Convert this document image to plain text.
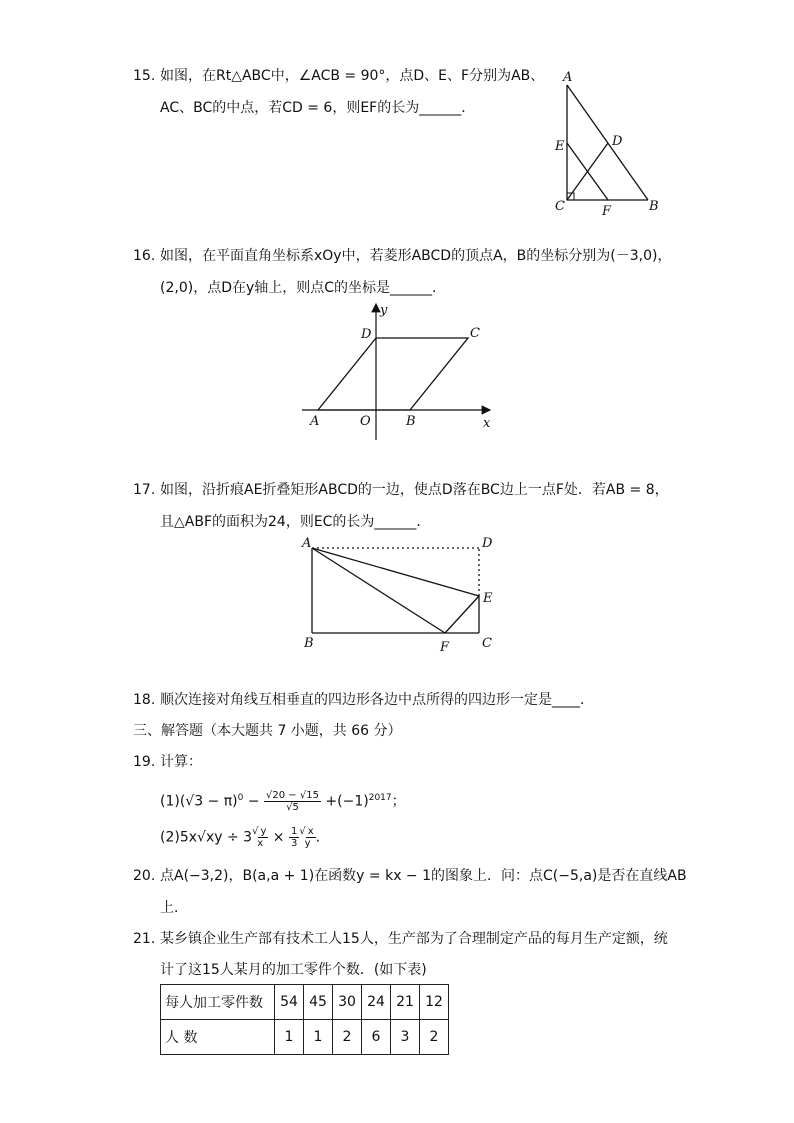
15. 如图，在Rt△ABC中，∠ACB = 90°，点D、E、F分别为AB、
AC、BC的中点，若CD = 6，则EF的长为______．
A
D
E
C	F	B
16. 如图，在平面直角坐标系xOy中，若菱形ABCD的顶点A，B的坐标分别为(－3,0)，
(2,0)，点D在y轴上，则点C的坐标是______．
y
D	C
A	O	B	x
17. 如图，沿折痕AE折叠矩形ABCD的一边，使点D落在BC边上一点F处．若AB = 8，
且△ABF的面积为24，则EC的长为______．
A	D
E
B	F	C
18. 顺次连接对角线互相垂直的四边形各边中点所得的四边形一定是____．
三、解答题（本大题共 7 小题，共 66 分）
19. 计算：
$(1)(√3 - \pi)^0 - \frac{√20 - √15}{√5} +(-1)^{2017}$；
(2)5x√xy ÷ 3√ y
$x \times \frac{1}{3}$ √ x
y .
20. 点A(−3,2)，B(a,a + 1)在函数y = kx − 1的图象上．问：点C(−5,a)是否在直线AB
上．
21. 某乡镇企业生产部有技术工人15人，生产部为了合理制定产品的每月生产定额，统
计了这15人某月的加工零件个数．(如下表)
每人加工零件数	54	45	30	24	21	12
人 数	1	1	2	6	3	2
